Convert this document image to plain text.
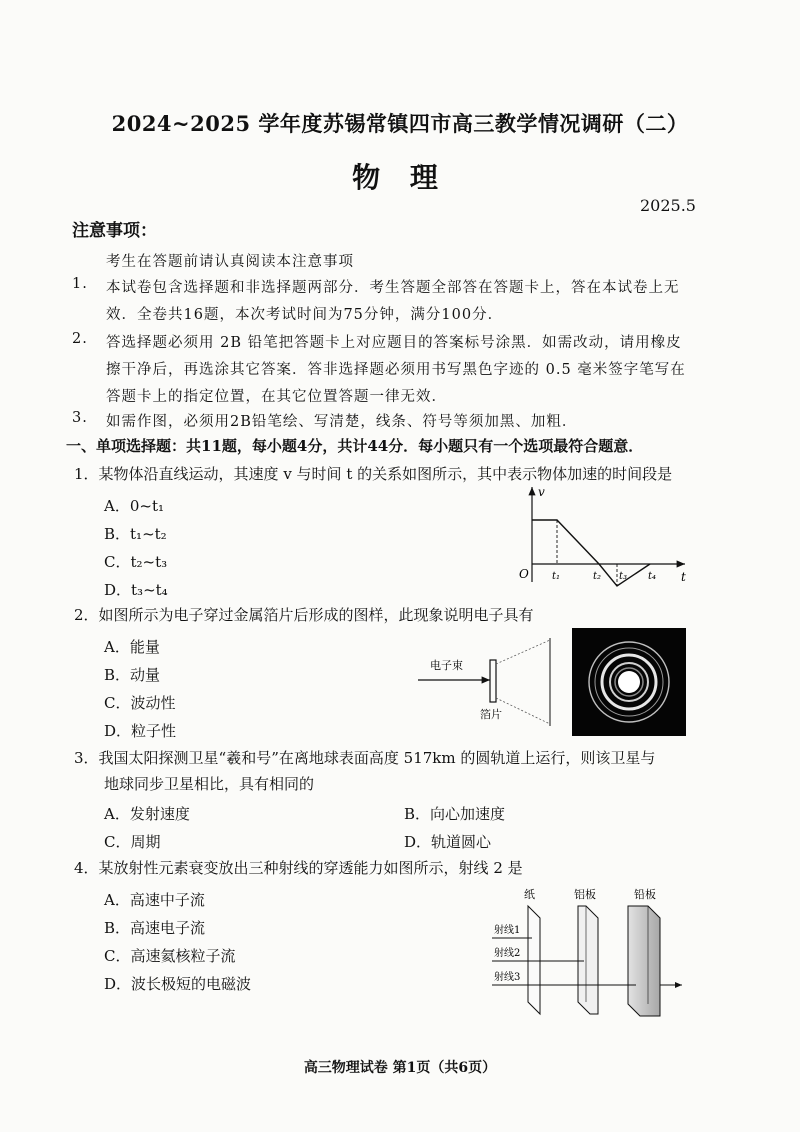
2024~2025 学年度苏锡常镇四市高三教学情况调研（二）
物 理
2025.5
注意事项：
考生在答题前请认真阅读本注意事项
1. 本试卷包含选择题和非选择题两部分．考生答题全部答在答题卡上，答在本试卷上无
效．全卷共16题，本次考试时间为75分钟，满分100分．
2. 答选择题必须用 2B 铅笔把答题卡上对应题目的答案标号涂黑．如需改动，请用橡皮
擦干净后，再选涂其它答案．答非选择题必须用书写黑色字迹的 0.5 毫米签字笔写在
答题卡上的指定位置，在其它位置答题一律无效．
3. 如需作图，必须用2B铅笔绘、写清楚，线条、符号等须加黑、加粗．
一、单项选择题：共11题，每小题4分，共计44分．每小题只有一个选项最符合题意．
1．某物体沿直线运动，其速度 v 与时间 t 的关系如图所示，其中表示物体加速的时间段是
A．0~t₁
B．t₁~t₂
C．t₂~t₃
D．t₃~t₄
v
O t₁	t₂ t₃ t₄ t
2．如图所示为电子穿过金属箔片后形成的图样，此现象说明电子具有
A．能量
B．动量
C．波动性
D．粒子性
电子束
箔片
3．我国太阳探测卫星“羲和号”在离地球表面高度 517km 的圆轨道上运行，则该卫星与
地球同步卫星相比，具有相同的
A．发射速度	B．向心加速度
C．周期	D．轨道圆心
4．某放射性元素衰变放出三种射线的穿透能力如图所示，射线 2 是
A．高速中子流
B．高速电子流
C．高速氦核粒子流
D．波长极短的电磁波
纸	铝板	铅板
射线1
射线2
射线3
高三物理试卷 第1页（共6页）
